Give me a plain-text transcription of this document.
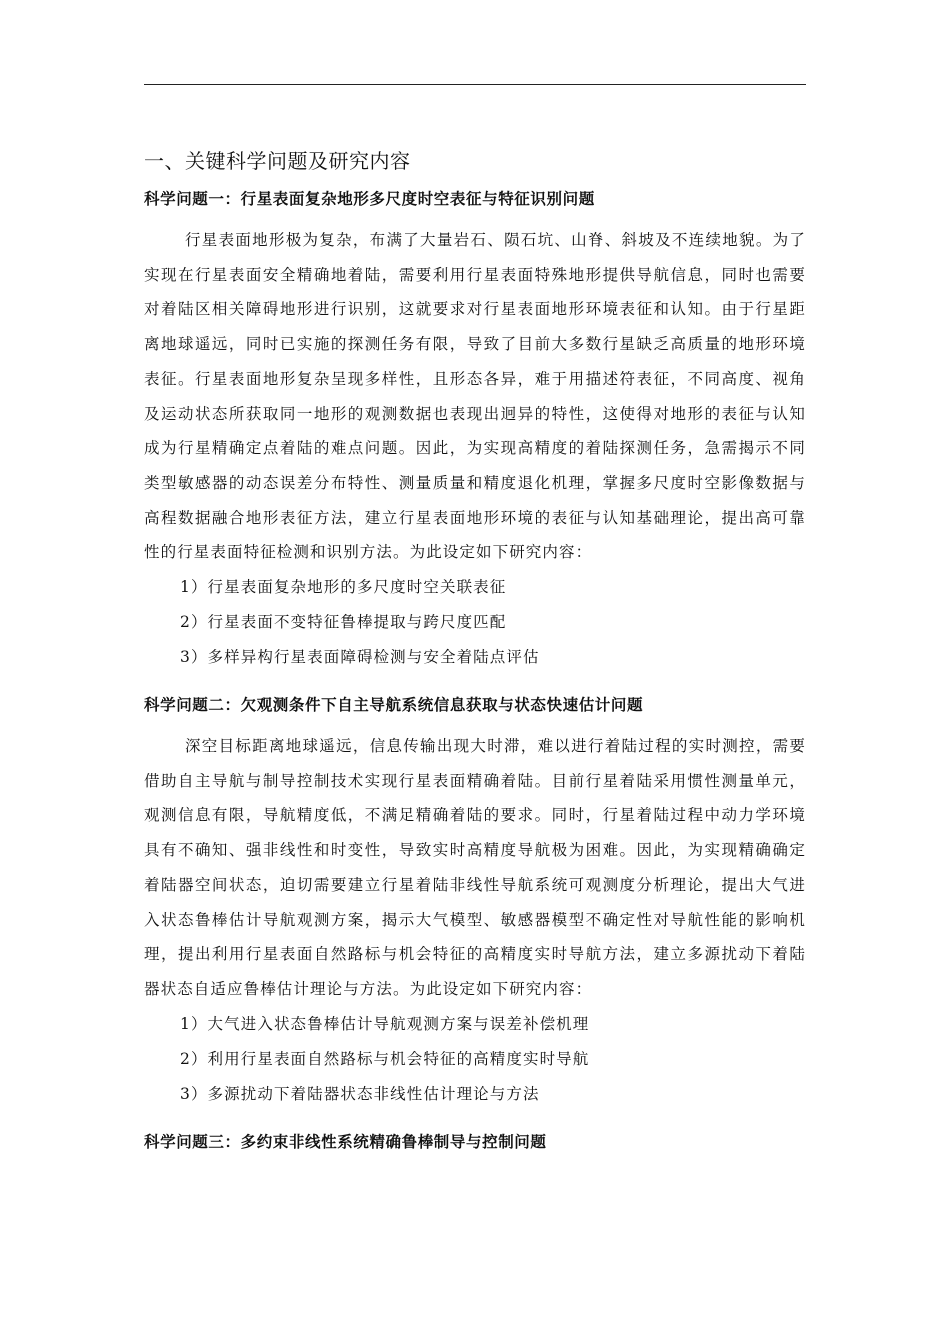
一、关键科学问题及研究内容
科学问题一：行星表面复杂地形多尺度时空表征与特征识别问题

行星表面地形极为复杂，布满了大量岩石、陨石坑、山脊、斜坡及不连续地貌。为了实现在行星表面安全精确地着陆，需要利用行星表面特殊地形提供导航信息，同时也需要对着陆区相关障碍地形进行识别，这就要求对行星表面地形环境表征和认知。由于行星距离地球遥远，同时已实施的探测任务有限，导致了目前大多数行星缺乏高质量的地形环境表征。行星表面地形复杂呈现多样性，且形态各异，难于用描述符表征，不同高度、视角及运动状态所获取同一地形的观测数据也表现出迥异的特性，这使得对地形的表征与认知成为行星精确定点着陆的难点问题。因此，为实现高精度的着陆探测任务，急需揭示不同类型敏感器的动态误差分布特性、测量质量和精度退化机理，掌握多尺度时空影像数据与高程数据融合地形表征方法，建立行星表面地形环境的表征与认知基础理论，提出高可靠性的行星表面特征检测和识别方法。为此设定如下研究内容：

1）行星表面复杂地形的多尺度时空关联表征

2）行星表面不变特征鲁棒提取与跨尺度匹配

3）多样异构行星表面障碍检测与安全着陆点评估

科学问题二：欠观测条件下自主导航系统信息获取与状态快速估计问题

深空目标距离地球遥远，信息传输出现大时滞，难以进行着陆过程的实时测控，需要借助自主导航与制导控制技术实现行星表面精确着陆。目前行星着陆采用惯性测量单元，观测信息有限，导航精度低，不满足精确着陆的要求。同时，行星着陆过程中动力学环境具有不确知、强非线性和时变性，导致实时高精度导航极为困难。因此，为实现精确确定着陆器空间状态，迫切需要建立行星着陆非线性导航系统可观测度分析理论，提出大气进入状态鲁棒估计导航观测方案，揭示大气模型、敏感器模型不确定性对导航性能的影响机理，提出利用行星表面自然路标与机会特征的高精度实时导航方法，建立多源扰动下着陆器状态自适应鲁棒估计理论与方法。为此设定如下研究内容：

1）大气进入状态鲁棒估计导航观测方案与误差补偿机理

2）利用行星表面自然路标与机会特征的高精度实时导航

3）多源扰动下着陆器状态非线性估计理论与方法

科学问题三：多约束非线性系统精确鲁棒制导与控制问题
